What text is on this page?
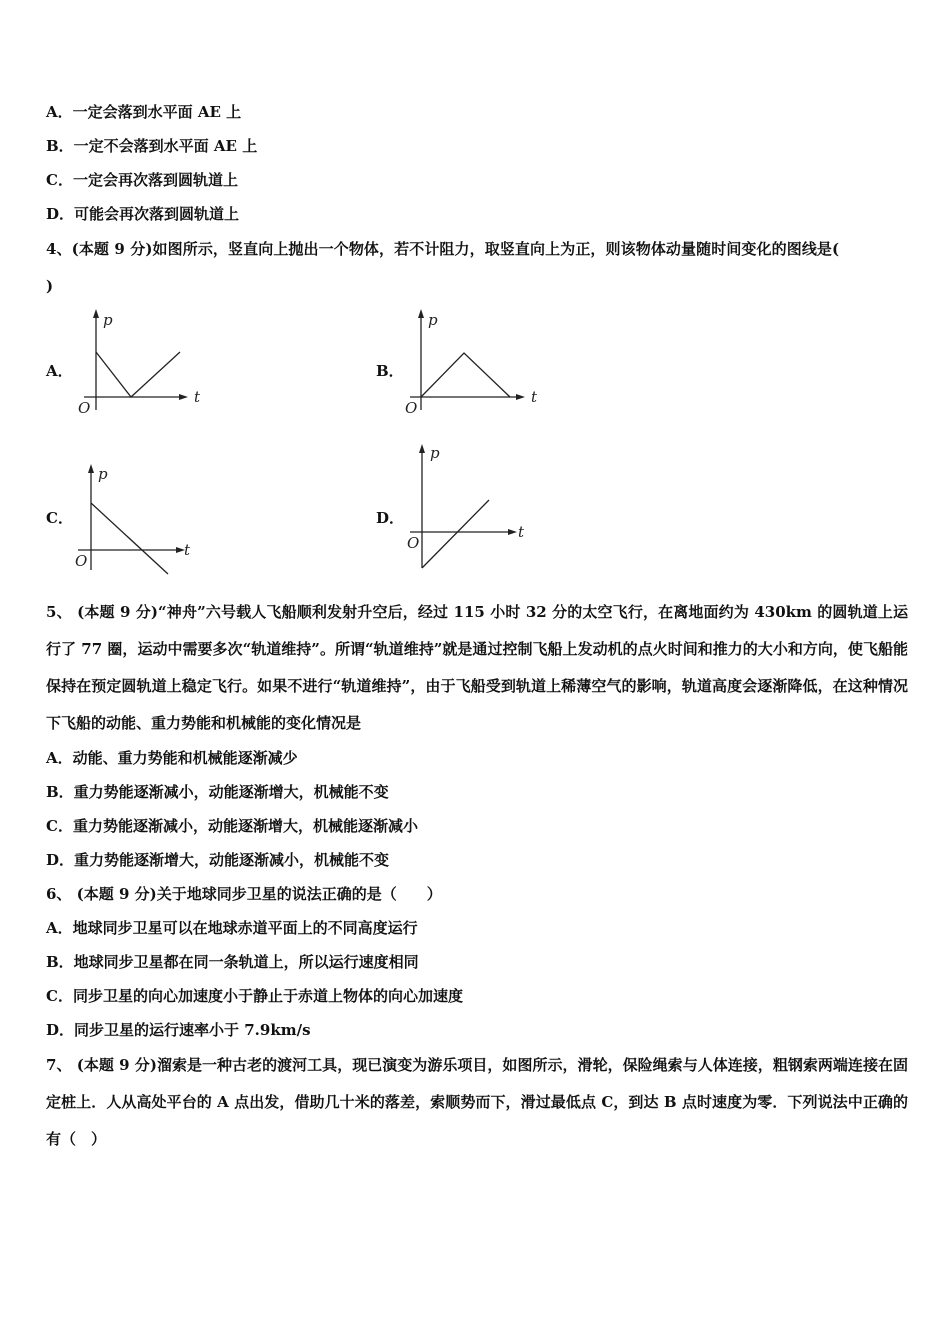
A．一定会落到水平面 AE 上
B．一定不会落到水平面 AE 上
C．一定会再次落到圆轨道上
D．可能会再次落到圆轨道上
4、(本题 9 分)如图所示，竖直向上抛出一个物体，若不计阻力，取竖直向上为正，则该物体动量随时间变化的图线是(
)
A．	B．
C．	D．
p
t
O
p
t
O
p
t
O
p
t
O
5、 (本题 9 分)“神舟”六号载人飞船顺利发射升空后，经过 115 小时 32 分的太空飞行，在离地面约为 430km 的圆轨道上运行了 77 圈，运动中需要多次“轨道维持”。所谓“轨道维持”就是通过控制飞船上发动机的点火时间和推力的大小和方向，使飞船能保持在预定圆轨道上稳定飞行。如果不进行“轨道维持”，由于飞船受到轨道上稀薄空气的影响，轨道高度会逐渐降低，在这种情况下飞船的动能、重力势能和机械能的变化情况是
A．动能、重力势能和机械能逐渐减少
B．重力势能逐渐减小，动能逐渐增大，机械能不变
C．重力势能逐渐减小，动能逐渐增大，机械能逐渐减小
D．重力势能逐渐增大，动能逐渐减小，机械能不变
6、 (本题 9 分)关于地球同步卫星的说法正确的是（　　）
A．地球同步卫星可以在地球赤道平面上的不同高度运行
B．地球同步卫星都在同一条轨道上，所以运行速度相同
C．同步卫星的向心加速度小于静止于赤道上物体的向心加速度
D．同步卫星的运行速率小于 7.9km/s
7、 (本题 9 分)溜索是一种古老的渡河工具，现已演变为游乐项目，如图所示，滑轮，保险绳索与人体连接，粗钢索两端连接在固定桩上．人从高处平台的 A 点出发，借助几十米的落差，索顺势而下，滑过最低点 C，到达 B 点时速度为零．下列说法中正确的有（　）
